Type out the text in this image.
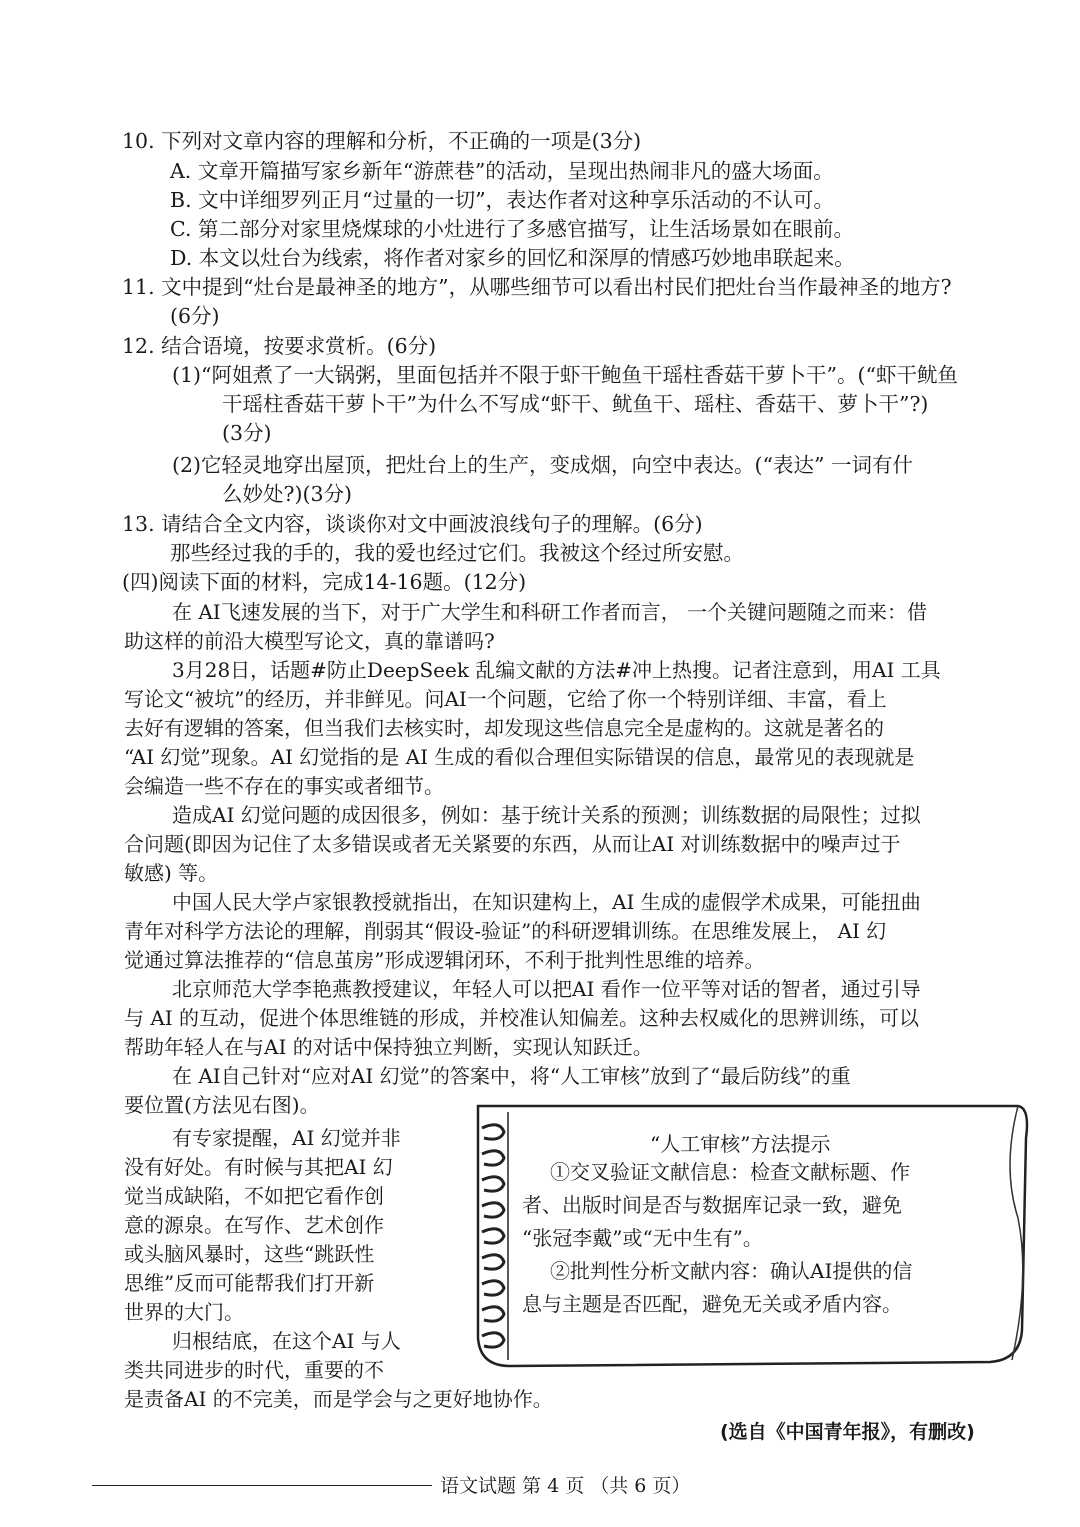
10. 下列对文章内容的理解和分析，不正确的一项是(3分)
A. 文章开篇描写家乡新年“游蔗巷”的活动，呈现出热闹非凡的盛大场面。
B. 文中详细罗列正月“过量的一切”，表达作者对这种享乐活动的不认可。
C. 第二部分对家里烧煤球的小灶进行了多感官描写，让生活场景如在眼前。
D. 本文以灶台为线索，将作者对家乡的回忆和深厚的情感巧妙地串联起来。
11. 文中提到“灶台是最神圣的地方”，从哪些细节可以看出村民们把灶台当作最神圣的地方?
(6分)
12. 结合语境，按要求赏析。(6分)
(1)“阿姐煮了一大锅粥，里面包括并不限于虾干鲍鱼干瑶柱香菇干萝卜干”。(“虾干鱿鱼
干瑶柱香菇干萝卜干”为什么不写成“虾干、鱿鱼干、瑶柱、香菇干、萝卜干”?)
(3分)
(2)它轻灵地穿出屋顶，把灶台上的生产，变成烟，向空中表达。(“表达” 一词有什
么妙处?)(3分)
13. 请结合全文内容，谈谈你对文中画波浪线句子的理解。(6分)
那些经过我的手的，我的爱也经过它们。我被这个经过所安慰。
(四)阅读下面的材料，完成14-16题。(12分)
在 AI飞速发展的当下，对于广大学生和科研工作者而言， 一个关键问题随之而来：借
助这样的前沿大模型写论文，真的靠谱吗?
3月28日，话题#防止DeepSeek 乱编文献的方法#冲上热搜。记者注意到，用AI 工具
写论文“被坑”的经历，并非鲜见。问AI一个问题，它给了你一个特别详细、丰富，看上
去好有逻辑的答案，但当我们去核实时，却发现这些信息完全是虚构的。这就是著名的
“AI 幻觉”现象。AI 幻觉指的是 AI 生成的看似合理但实际错误的信息，最常见的表现就是
会编造一些不存在的事实或者细节。
造成AI 幻觉问题的成因很多，例如：基于统计关系的预测；训练数据的局限性；过拟
合问题(即因为记住了太多错误或者无关紧要的东西，从而让AI 对训练数据中的噪声过于
敏感) 等。
中国人民大学卢家银教授就指出，在知识建构上，AI 生成的虚假学术成果，可能扭曲
青年对科学方法论的理解，削弱其“假设-验证”的科研逻辑训练。在思维发展上， AI 幻
觉通过算法推荐的“信息茧房”形成逻辑闭环，不利于批判性思维的培养。
北京师范大学李艳燕教授建议，年轻人可以把AI 看作一位平等对话的智者，通过引导
与 AI 的互动，促进个体思维链的形成，并校准认知偏差。这种去权威化的思辨训练，可以
帮助年轻人在与AI 的对话中保持独立判断，实现认知跃迁。
在 AI自己针对“应对AI 幻觉”的答案中，将“人工审核”放到了“最后防线”的重
要位置(方法见右图)。
有专家提醒，AI 幻觉并非
没有好处。有时候与其把AI 幻
觉当成缺陷，不如把它看作创
意的源泉。在写作、艺术创作
或头脑风暴时，这些“跳跃性
思维”反而可能帮我们打开新
世界的大门。
归根结底，在这个AI 与人
类共同进步的时代，重要的不
是责备AI 的不完美，而是学会与之更好地协作。
“人工审核”方法提示
①交叉验证文献信息：检查文献标题、作
者、出版时间是否与数据库记录一致，避免
“张冠李戴”或“无中生有”。
②批判性分析文献内容：确认AI提供的信
息与主题是否匹配，避免无关或矛盾内容。
(选自《中国青年报》，有删改)
语文试题 第 4 页 （共 6 页）
